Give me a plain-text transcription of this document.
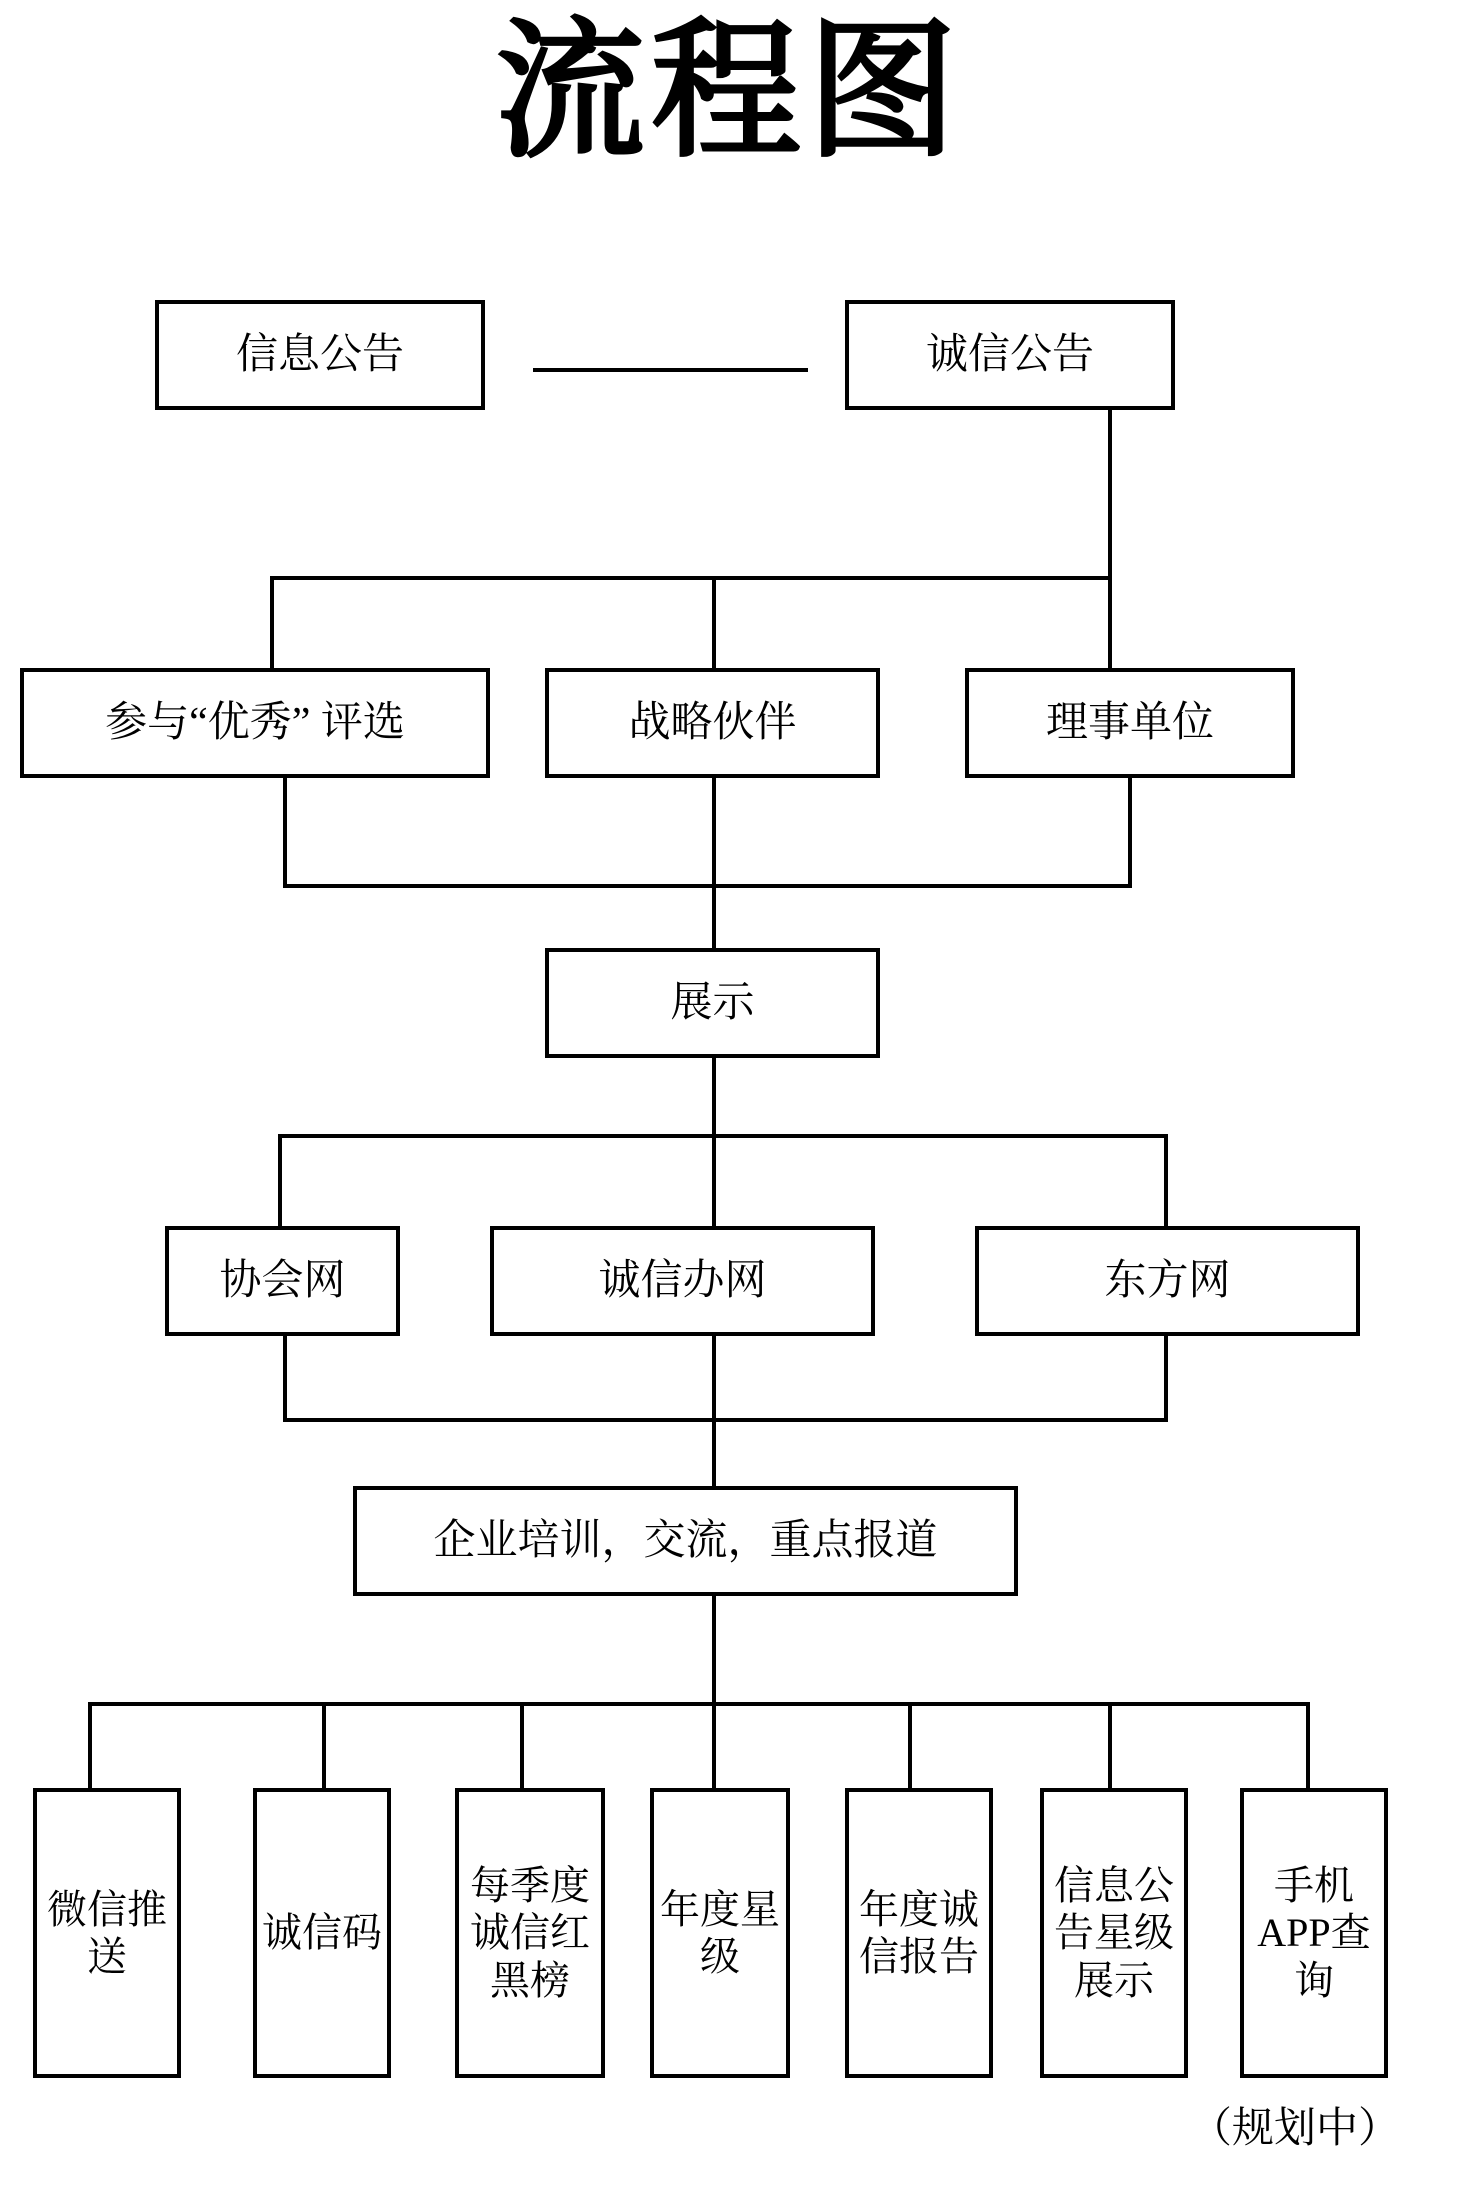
流程图
信息公告	诚信公告
参与“优秀” 评选	战略伙伴	理事单位
展示
协会网	诚信办网	东方网
企业培训，交流，重点报道
微信推送
诚信码
每季度诚信红黑榜
年度星级
年度诚信报告
信息公告星级展示
手机APP查询
（规划中）
